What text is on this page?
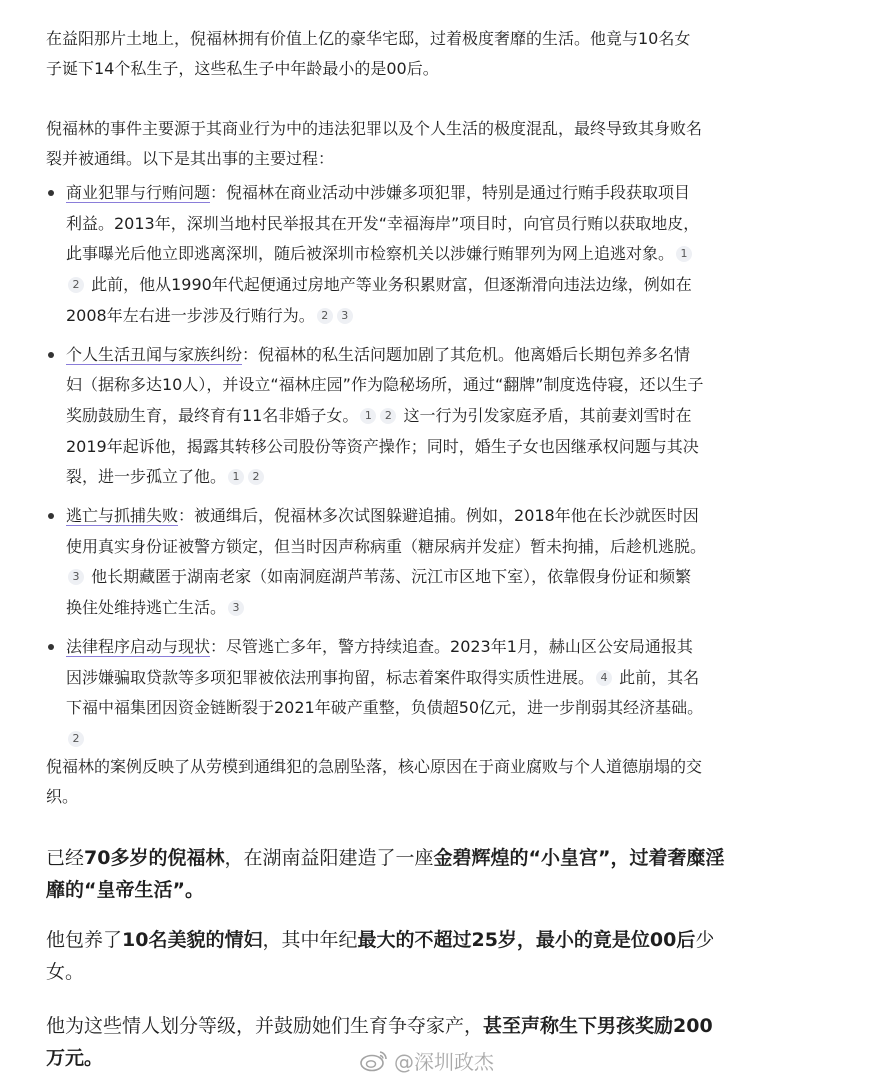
在益阳那片土地上，倪福林拥有价值上亿的豪华宅邸，过着极度奢靡的生活。他竟与10名女子诞下14个私生子，这些私生子中年龄最小的是00后。
倪福林的事件主要源于其商业行为中的违法犯罪以及个人生活的极度混乱，最终导致其身败名裂并被通缉。以下是其出事的主要过程：
商业犯罪与行贿问题：倪福林在商业活动中涉嫌多项犯罪，特别是通过行贿手段获取项目利益。2013年，深圳当地村民举报其在开发“幸福海岸”项目时，向官员行贿以获取地皮，此事曝光后他立即逃离深圳，随后被深圳市检察机关以涉嫌行贿罪列为网上追逃对象。 12 此前，他从1990年代起便通过房地产等业务积累财富，但逐渐滑向违法边缘，例如在2008年左右进一步涉及行贿行为。 2 3
个人生活丑闻与家族纠纷：倪福林的私生活问题加剧了其危机。他离婚后长期包养多名情妇（据称多达10人），并设立“福林庄园”作为隐秘场所，通过“翻牌”制度选侍寝，还以生子奖励鼓励生育，最终育有11名非婚子女。 1 2 这一行为引发家庭矛盾，其前妻刘雪时在2019年起诉他，揭露其转移公司股份等资产操作；同时，婚生子女也因继承权问题与其决裂，进一步孤立了他。 1 2
逃亡与抓捕失败：被通缉后，倪福林多次试图躲避追捕。例如，2018年他在长沙就医时因使用真实身份证被警方锁定，但当时因声称病重（糖尿病并发症）暂未拘捕，后趁机逃脱。3 他长期藏匿于湖南老家（如南洞庭湖芦苇荡、沅江市区地下室），依靠假身份证和频繁换住处维持逃亡生活。 3
法律程序启动与现状：尽管逃亡多年，警方持续追查。2023年1月，赫山区公安局通报其因涉嫌骗取贷款等多项犯罪被依法刑事拘留，标志着案件取得实质性进展。 4 此前，其名下福中福集团因资金链断裂于2021年破产重整，负债超50亿元，进一步削弱其经济基础。2
倪福林的案例反映了从劳模到通缉犯的急剧坠落，核心原因在于商业腐败与个人道德崩塌的交织。
已经70多岁的倪福林，在湖南益阳建造了一座金碧辉煌的“小皇宫”，过着奢糜淫靡的“皇帝生活”。
他包养了10名美貌的情妇，其中年纪最大的不超过25岁，最小的竟是位00后少女。
他为这些情人划分等级，并鼓励她们生育争夺家产，甚至声称生下男孩奖励200万元。	@深圳政杰
